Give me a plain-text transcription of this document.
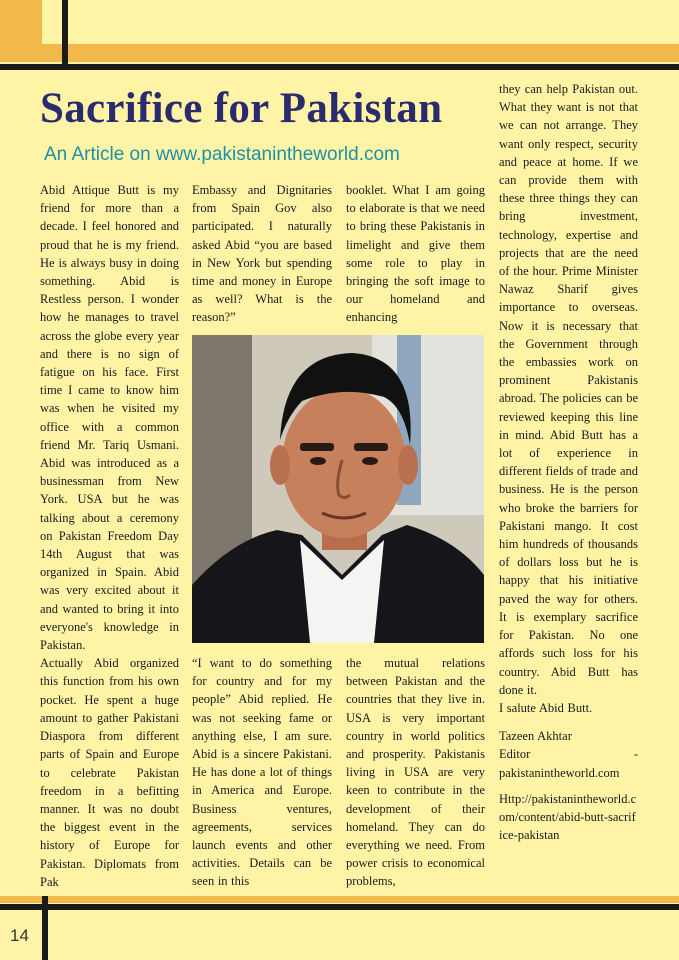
Sacrifice for Pakistan
An Article on www.pakistanintheworld.com

Abid Attique Butt is my friend for more than a decade. I feel honored and proud that he is my friend. He is always busy in doing something. Abid is Restless person. I wonder how he manages to travel across the globe every year and there is no sign of fatigue on his face. First time I came to know him was when he visited my office with a common friend Mr. Tariq Usmani. Abid was introduced as a businessman from New York. USA but he was talking about a ceremony on Pakistan Freedom Day 14th August that was organized in Spain. Abid was very excited about it and wanted to bring it into everyone's knowledge in Pakistan.

Actually Abid organized this function from his own pocket. He spent a huge amount to gather Pakistani Diaspora from different parts of Spain and Europe to celebrate Pakistan freedom in a befitting manner. It was no doubt the biggest event in the history of Europe for Pakistan. Diplomats from Pak

Embassy and Dignitaries from Spain Gov also participated. I naturally asked Abid “you are based in New York but spending time and money in Europe as well? What is the reason?”

booklet. What I am going to elaborate is that we need to bring these Pakistanis in limelight and give them some role to play in bringing the soft image to our homeland and enhancing

“I want to do something for country and for my people” Abid replied. He was not seeking fame or anything else, I am sure. Abid is a sincere Pakistani. He has done a lot of things in America and Europe. Business ventures, agreements, services launch events and other activities. Details can be seen in this

the mutual relations between Pakistan and the countries that they live in. USA is very important country in world politics and prosperity. Pakistanis living in USA are very keen to contribute in the development of their homeland. They can do everything we need. From power crisis to economical problems,

they can help Pakistan out. What they want is not that we can not arrange. They want only respect, security and peace at home. If we can provide them with these three things they can bring investment, technology, expertise and projects that are the need of the hour. Prime Minister Nawaz Sharif gives importance to overseas. Now it is necessary that the Government through the embassies work on prominent Pakistanis abroad. The policies can be reviewed keeping this line in mind. Abid Butt has a lot of experience in different fields of trade and business. He is the person who broke the barriers for Pakistani mango. It cost him hundreds of thousands of dollars loss but he is happy that his initiative paved the way for others. It is exemplary sacrifice for Pakistan. No one affords such loss for his country. Abid Butt has done it.

I salute Abid Butt.

Tazeen Akhtar

Editor - pakistanintheworld.com

Http://pakistanintheworld.com/content/abid-butt-sacrifice-pakistan

14
